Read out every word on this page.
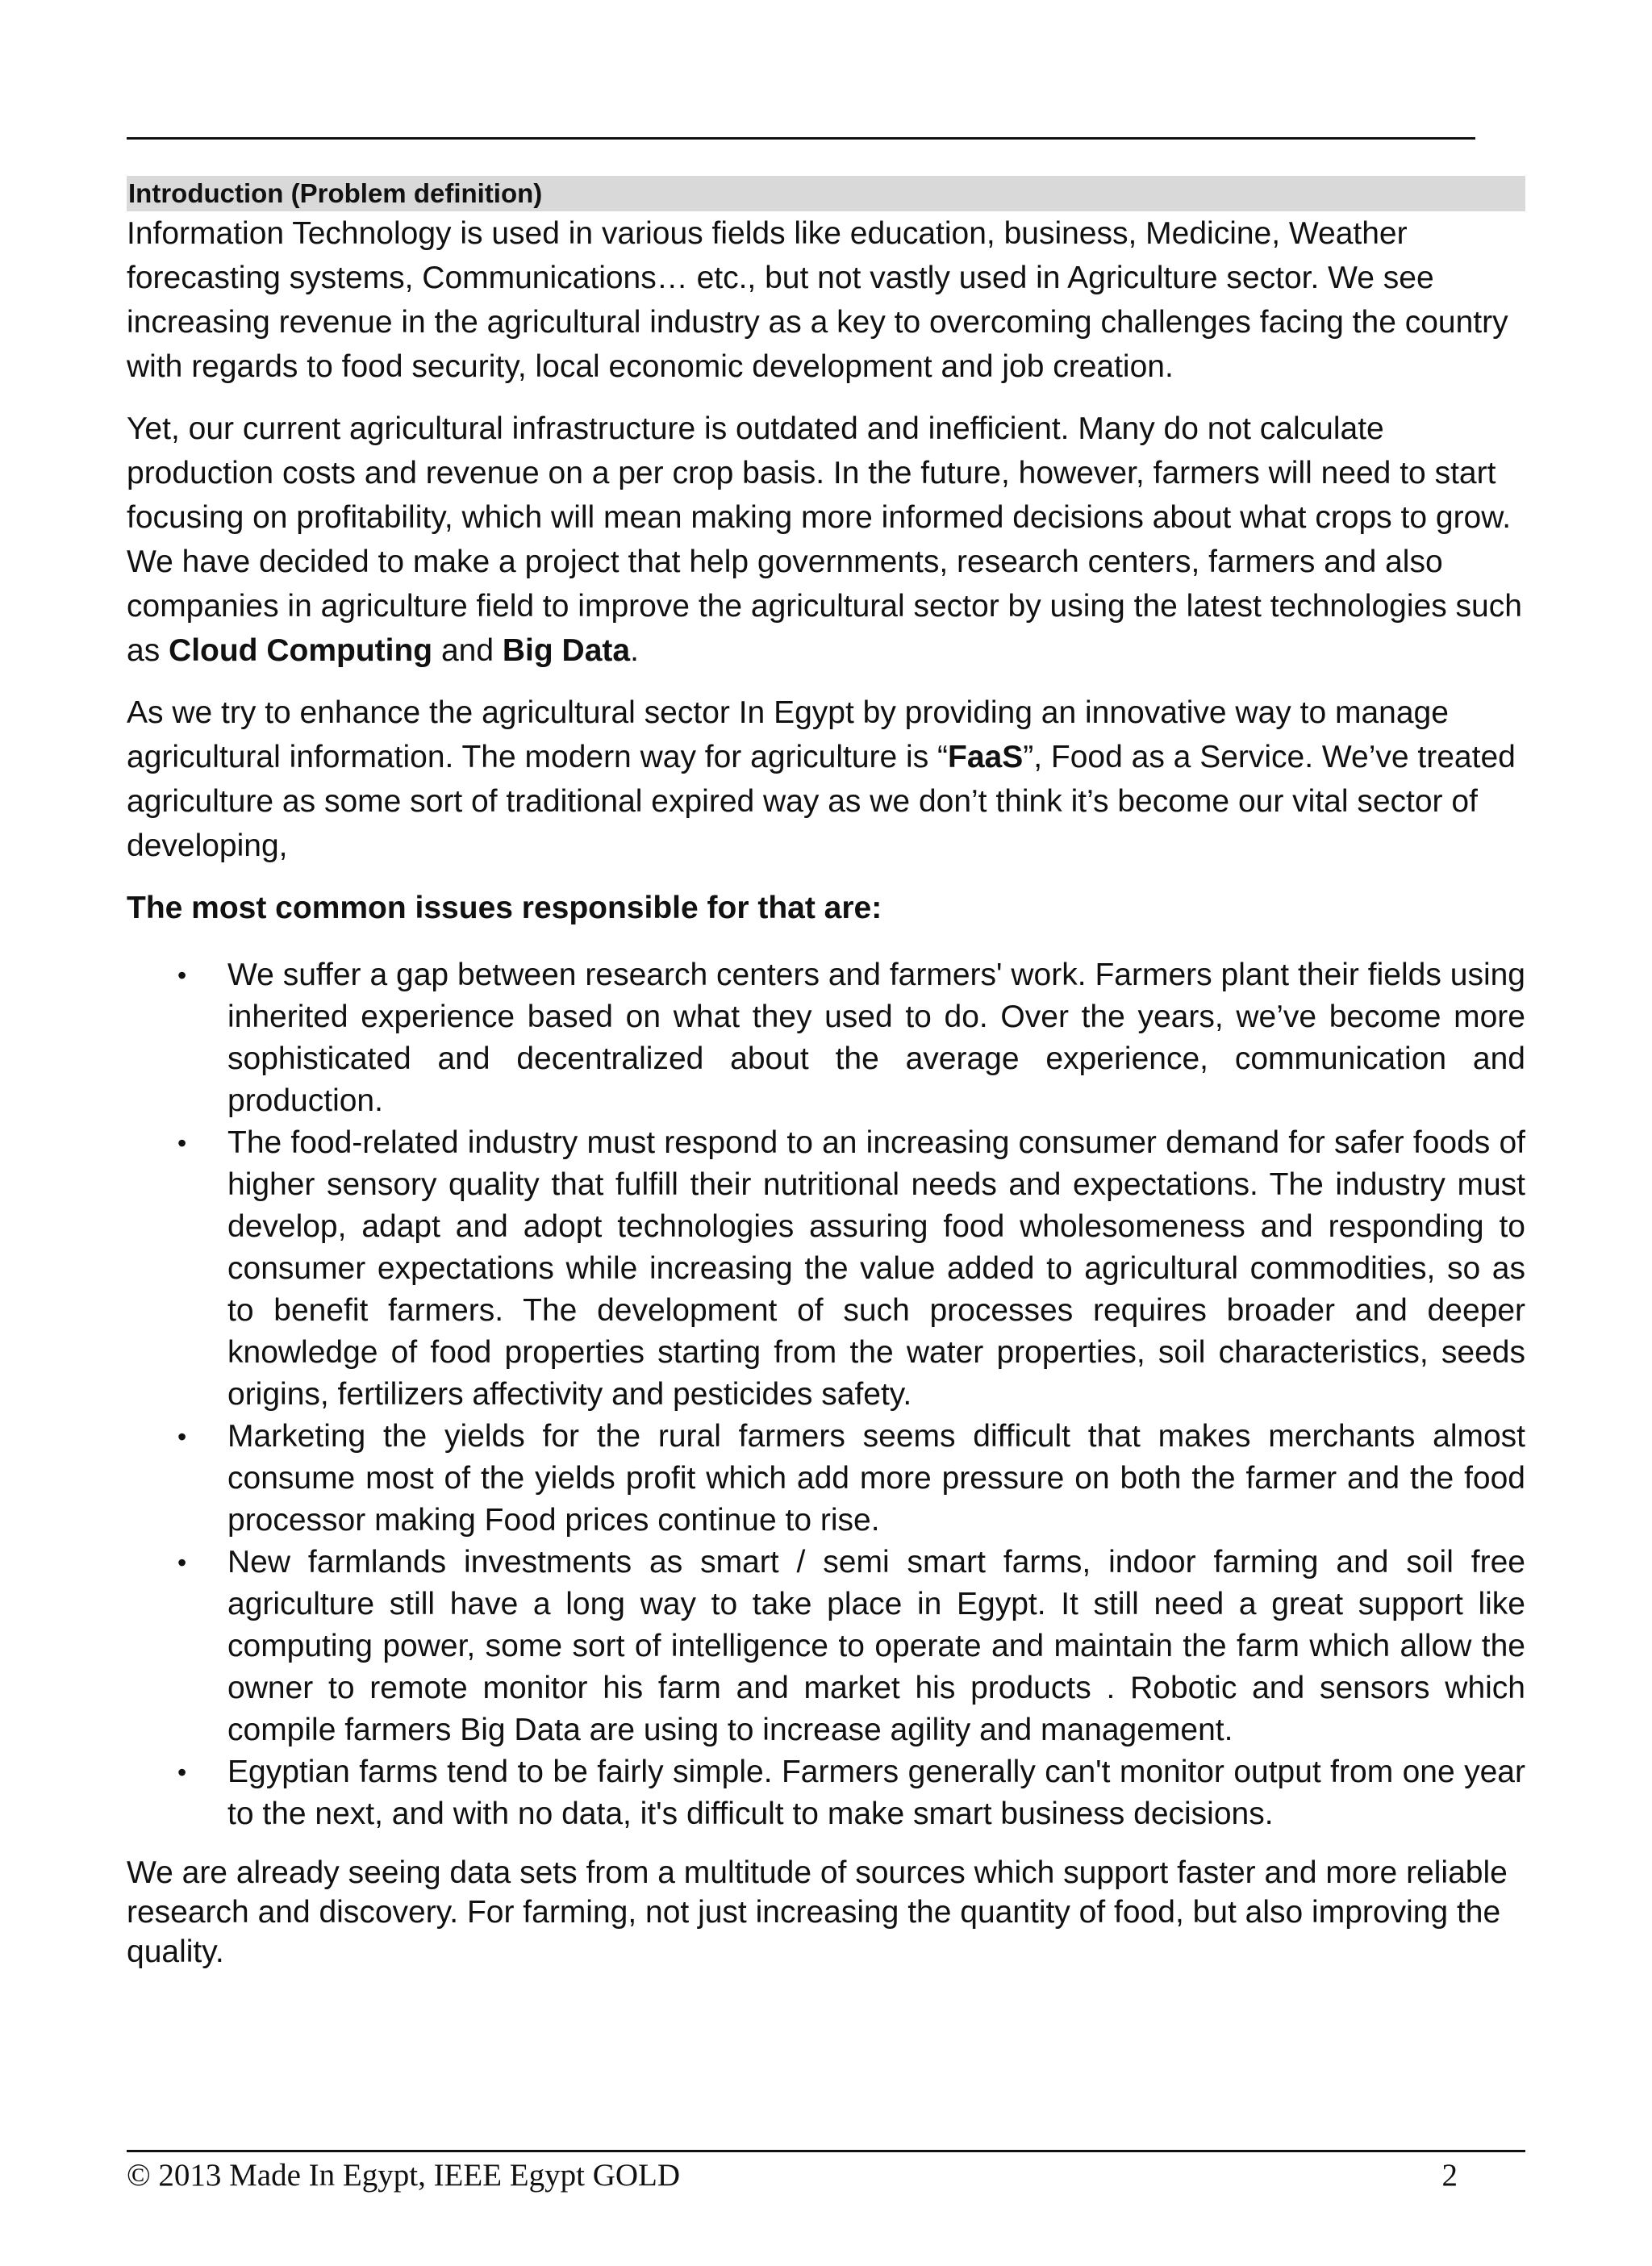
Introduction (Problem definition)

Information Technology is used in various fields like education, business, Medicine, Weather forecasting systems, Communications… etc., but not vastly used in Agriculture sector. We see increasing revenue in the agricultural industry as a key to overcoming challenges facing the country with regards to food security, local economic development and job creation.

Yet, our current agricultural infrastructure is outdated and inefficient. Many do not calculate production costs and revenue on a per crop basis. In the future, however, farmers will need to start focusing on profitability, which will mean making more informed decisions about what crops to grow. We have decided to make a project that help governments, research centers, farmers and also companies in agriculture field to improve the agricultural sector by using the latest technologies such as Cloud Computing and Big Data.

As we try to enhance the agricultural sector In Egypt by providing an innovative way to manage agricultural information. The modern way for agriculture is “FaaS”, Food as a Service. We’ve treated agriculture as some sort of traditional expired way as we don’t think it’s become our vital sector of developing,

The most common issues responsible for that are:

• We suffer a gap between research centers and farmers' work. Farmers plant their fields using inherited experience based on what they used to do. Over the years, we’ve become more sophisticated and decentralized about the average experience, communication and production.
• The food-related industry must respond to an increasing consumer demand for safer foods of higher sensory quality that fulfill their nutritional needs and expectations. The industry must develop, adapt and adopt technologies assuring food wholesomeness and responding to consumer expectations while increasing the value added to agricultural commodities, so as to benefit farmers. The development of such processes requires broader and deeper knowledge of food properties starting from the water properties, soil characteristics, seeds origins, fertilizers affectivity and pesticides safety.
• Marketing the yields for the rural farmers seems difficult that makes merchants almost consume most of the yields profit which add more pressure on both the farmer and the food processor making Food prices continue to rise.
• New farmlands investments as smart / semi smart farms, indoor farming and soil free agriculture still have a long way to take place in Egypt. It still need a great support like computing power, some sort of intelligence to operate and maintain the farm which allow the owner to remote monitor his farm and market his products . Robotic and sensors which compile farmers Big Data are using to increase agility and management.
• Egyptian farms tend to be fairly simple. Farmers generally can't monitor output from one year to the next, and with no data, it's difficult to make smart business decisions.

We are already seeing data sets from a multitude of sources which support faster and more reliable research and discovery. For farming, not just increasing the quantity of food, but also improving the quality.

© 2013 Made In Egypt, IEEE Egypt GOLD	2
